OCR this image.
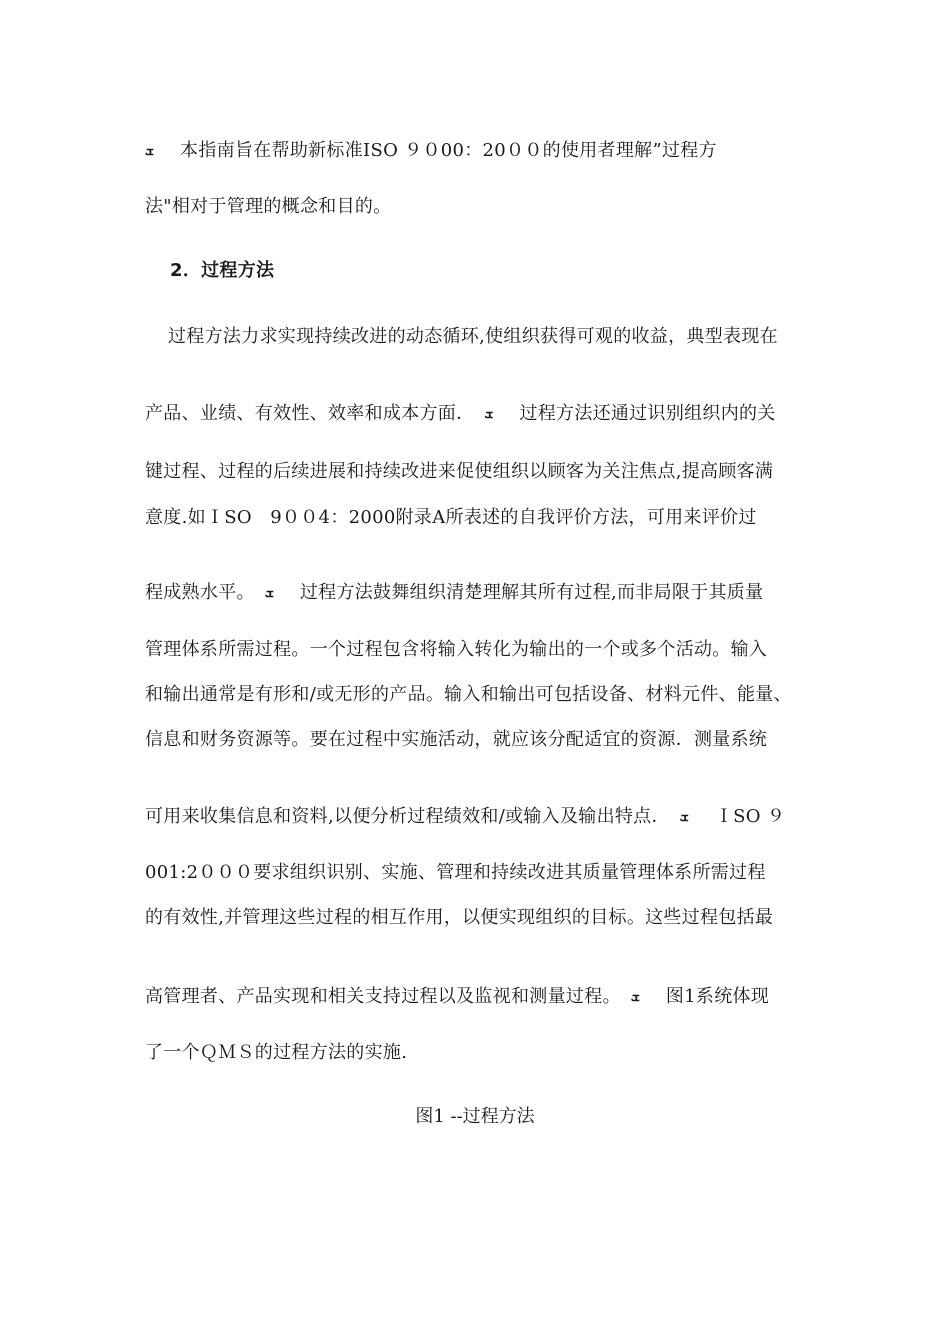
ܫ 本指南旨在帮助新标准ISO ９０00：20００的使用者理解”过程方
法"相对于管理的概念和目的。
2．过程方法
过程方法力求实现持续改进的动态循环,使组织获得可观的收益，典型表现在
产品、业绩、有效性、效率和成本方面． ܫ 过程方法还通过识别组织内的关
键过程、过程的后续进展和持续改进来促使组织以顾客为关注焦点,提高顾客满
意度.如ＩSO　9００4：2000附录A所表述的自我评价方法，可用来评价过
程成熟水平。 ܫ 过程方法鼓舞组织清楚理解其所有过程,而非局限于其质量
管理体系所需过程。一个过程包含将输入转化为输出的一个或多个活动。输入
和输出通常是有形和/或无形的产品。输入和输出可包括设备、材料元件、能量、
信息和财务资源等。要在过程中实施活动，就应该分配适宜的资源．测量系统
可用来收集信息和资料,以便分析过程绩效和/或输入及输出特点． ܫ ＩSO ９
001:2０００要求组织识别、实施、管理和持续改进其质量管理体系所需过程
的有效性,并管理这些过程的相互作用，以便实现组织的目标。这些过程包括最
高管理者、产品实现和相关支持过程以及监视和测量过程。 ܫ 图1系统体现
了一个ＱＭＳ的过程方法的实施.
图1 --过程方法
